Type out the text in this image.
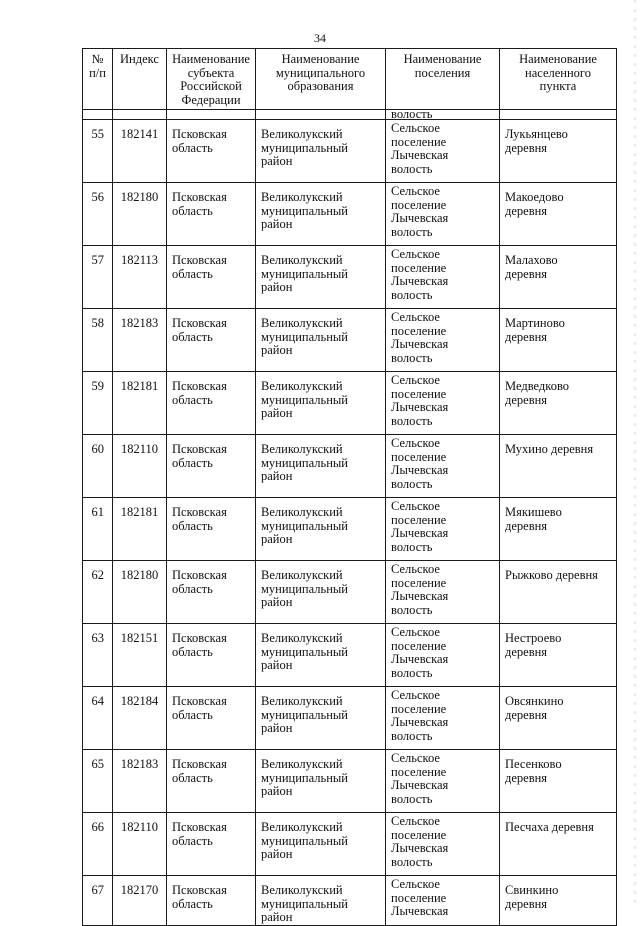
34
№
п/п	Индекс	Наименование
субъекта
Российской
Федерации	Наименование
муниципального
образования	Наименование
поселения	Наименование
населенного
пункта

				волость	

55	182141	Псковская
область	Великолукский
муниципальный
район	Сельское
поселение
Лычевская
волость	Лукьянцево
деревня

56	182180	Псковская
область	Великолукский
муниципальный
район	Сельское
поселение
Лычевская
волость	Макоедово
деревня

57	182113	Псковская
область	Великолукский
муниципальный
район	Сельское
поселение
Лычевская
волость	Малахово
деревня

58	182183	Псковская
область	Великолукский
муниципальный
район	Сельское
поселение
Лычевская
волость	Мартиново
деревня

59	182181	Псковская
область	Великолукский
муниципальный
район	Сельское
поселение
Лычевская
волость	Медведково
деревня

60	182110	Псковская
область	Великолукский
муниципальный
район	Сельское
поселение
Лычевская
волость	Мухино деревня

61	182181	Псковская
область	Великолукский
муниципальный
район	Сельское
поселение
Лычевская
волость	Мякишево
деревня

62	182180	Псковская
область	Великолукский
муниципальный
район	Сельское
поселение
Лычевская
волость	Рыжково деревня

63	182151	Псковская
область	Великолукский
муниципальный
район	Сельское
поселение
Лычевская
волость	Нестроево
деревня

64	182184	Псковская
область	Великолукский
муниципальный
район	Сельское
поселение
Лычевская
волость	Овсянкино
деревня

65	182183	Псковская
область	Великолукский
муниципальный
район	Сельское
поселение
Лычевская
волость	Песенково
деревня

66	182110	Псковская
область	Великолукский
муниципальный
район	Сельское
поселение
Лычевская
волость	Песчаха деревня

67	182170	Псковская
область	Великолукский
муниципальный
район	Сельское
поселение
Лычевская	Свинкино
деревня
